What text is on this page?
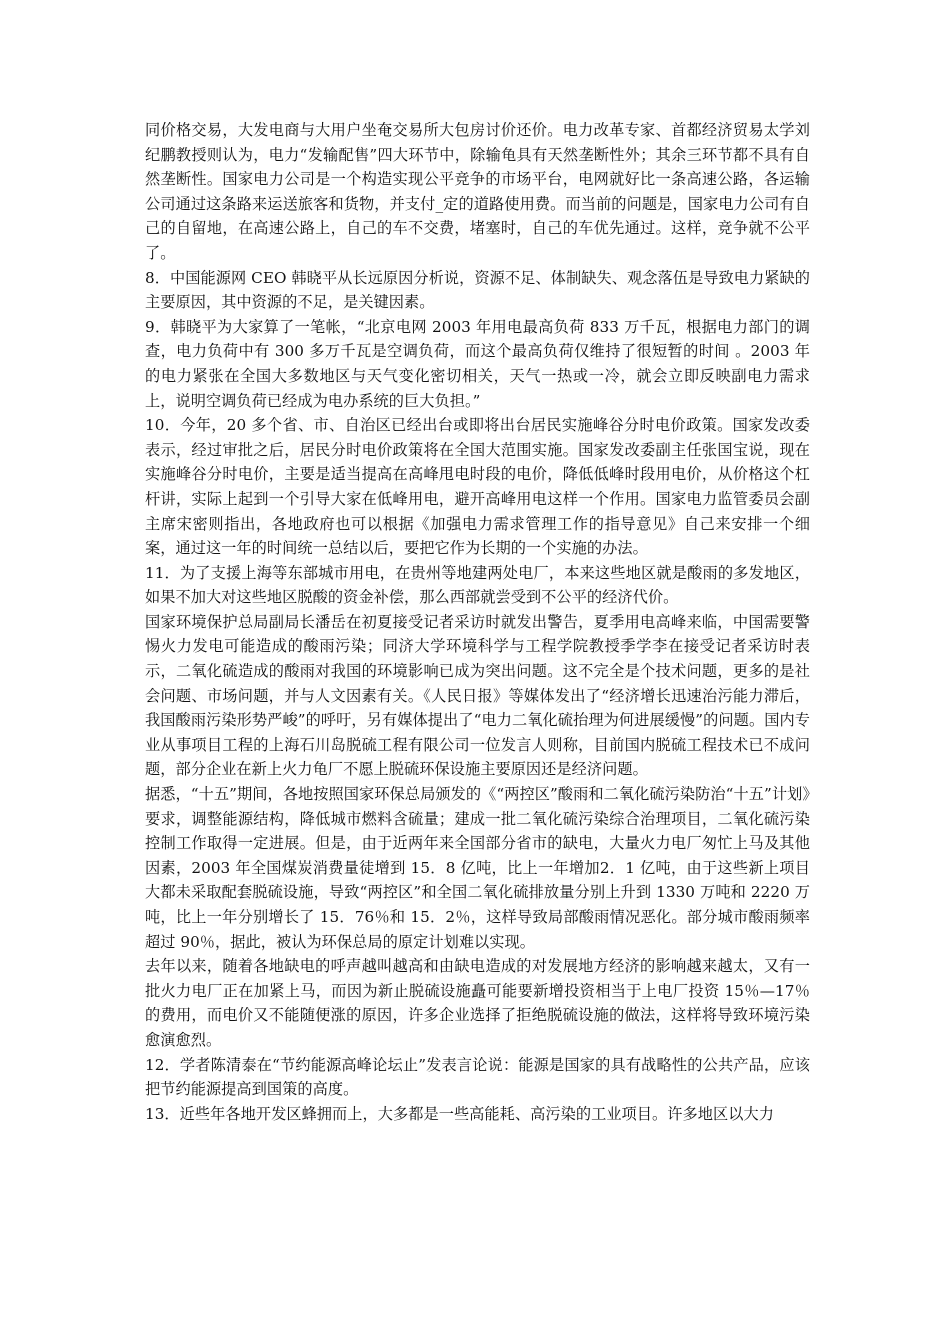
同价格交易，大发电商与大用户坐奄交易所大包房讨价还价。电力改革专家、首都经济贸易太学刘纪鹏教授则认为，电力“发输配售”四大环节中，除输龟具有天然垄断性外；其余三环节都不具有自然垄断性。国家电力公司是一个构造实现公平竞争的市场平台，电网就好比一条高速公路，各运输公司通过这条路来运送旅客和货物，并支付_定的道路使用费。而当前的问题是，国家电力公司有自己的自留地，在高速公路上，自己的车不交费，堵塞时，自己的车优先通过。这样，竞争就不公平了。

8．中国能源网 CEO 韩晓平从长远原因分析说，资源不足、体制缺失、观念落伍是导致电力紧缺的主要原因，其中资源的不足，是关键因素。

9．韩晓平为大家算了一笔帐，“北京电网 2003 年用电最高负荷 833 万千瓦，根据电力部门的调查，电力负荷中有 300 多万千瓦是空调负荷，而这个最高负荷仅维持了很短暂的时间 。2003 年的电力紧张在全国大多数地区与天气变化密切相关，天气一热或一冷，就会立即反映副电力需求上，说明空调负荷已经成为电办系统的巨大负担。”

10．今年，20 多个省、市、自治区已经出台或即将出台居民实施峰谷分时电价政策。国家发改委表示，经过审批之后，居民分时电价政策将在全国大范围实施。国家发改委副主任张国宝说，现在实施峰谷分时电价，主要是适当提高在高峰甩电时段的电价，降低低峰时段用电价，从价格这个杠杆讲，实际上起到一个引导大家在低峰用电，避开高峰用电这样一个作用。国家电力监管委员会副主席宋密则指出，各地政府也可以根据《加强电力需求管理工作的指导意见》自己来安排一个细案，通过这一年的时间统一总结以后，要把它作为长期的一个实施的办法。

11．为了支援上海等东部城市用电，在贵州等地建两处电厂，本来这些地区就是酸雨的多发地区，如果不加大对这些地区脱酸的资金补偿，那么西部就尝受到不公平的经济代价。

国家环境保护总局副局长潘岳在初夏接受记者采访时就发出警告，夏季用电高峰来临，中国需要警惕火力发电可能造成的酸雨污染；同济大学环境科学与工程学院教授季学李在接受记者采访时表示，二氧化硫造成的酸雨对我国的环境影响已成为突出问题。这不完全是个技术问题，更多的是社会问题、市场问题，并与人文因素有关。《人民日报》等媒体发出了“经济增长迅速治污能力滞后，我国酸雨污染形势严峻”的呼吁，另有媒体提出了“电力二氧化硫抬理为何进展缓慢”的问题。国内专业从事项目工程的上海石川岛脱硫工程有限公司一位发言人则称，目前国内脱硫工程技术已不成问题，部分企业在新上火力龟厂不愿上脱硫环保设施主要原因还是经济问题。

据悉，“十五”期间，各地按照国家环保总局颁发的《“两控区”酸雨和二氧化硫污染防治“十五”计划》要求，调整能源结构，降低城市燃料含硫量；建成一批二氧化硫污染综合治理项目，二氧化硫污染控制工作取得一定进展。但是，由于近两年来全国部分省市的缺电，大量火力电厂匆忙上马及其他因素，2003 年全国煤炭消费量徒增到 15．8 亿吨，比上一年增加2．1 亿吨，由于这些新上项目大都未采取配套脱硫设施，导致“两控区”和全国二氧化硫排放量分别上升到 1330 万吨和 2220 万吨，比上一年分别增长了 15．76％和 15．2％，这样导致局部酸雨情况恶化。部分城市酸雨频率超过 90％，据此，被认为环保总局的原定计划难以实现。

去年以来，随着各地缺电的呼声越叫越高和由缺电造成的对发展地方经济的影响越来越太，又有一批火力电厂正在加紧上马，而因为新止脱硫设施矗可能要新增投资相当于上电厂投资 15％—17％的费用，而电价又不能随便涨的原因，许多企业选择了拒绝脱硫设施的做法，这样将导致环境污染愈演愈烈。

12．学者陈清泰在“节约能源高峰论坛止”发表言论说：能源是国家的具有战略性的公共产品，应该把节约能源提高到国策的高度。

13．近些年各地开发区蜂拥而上，大多都是一些高能耗、高污染的工业项目。许多地区以大力
